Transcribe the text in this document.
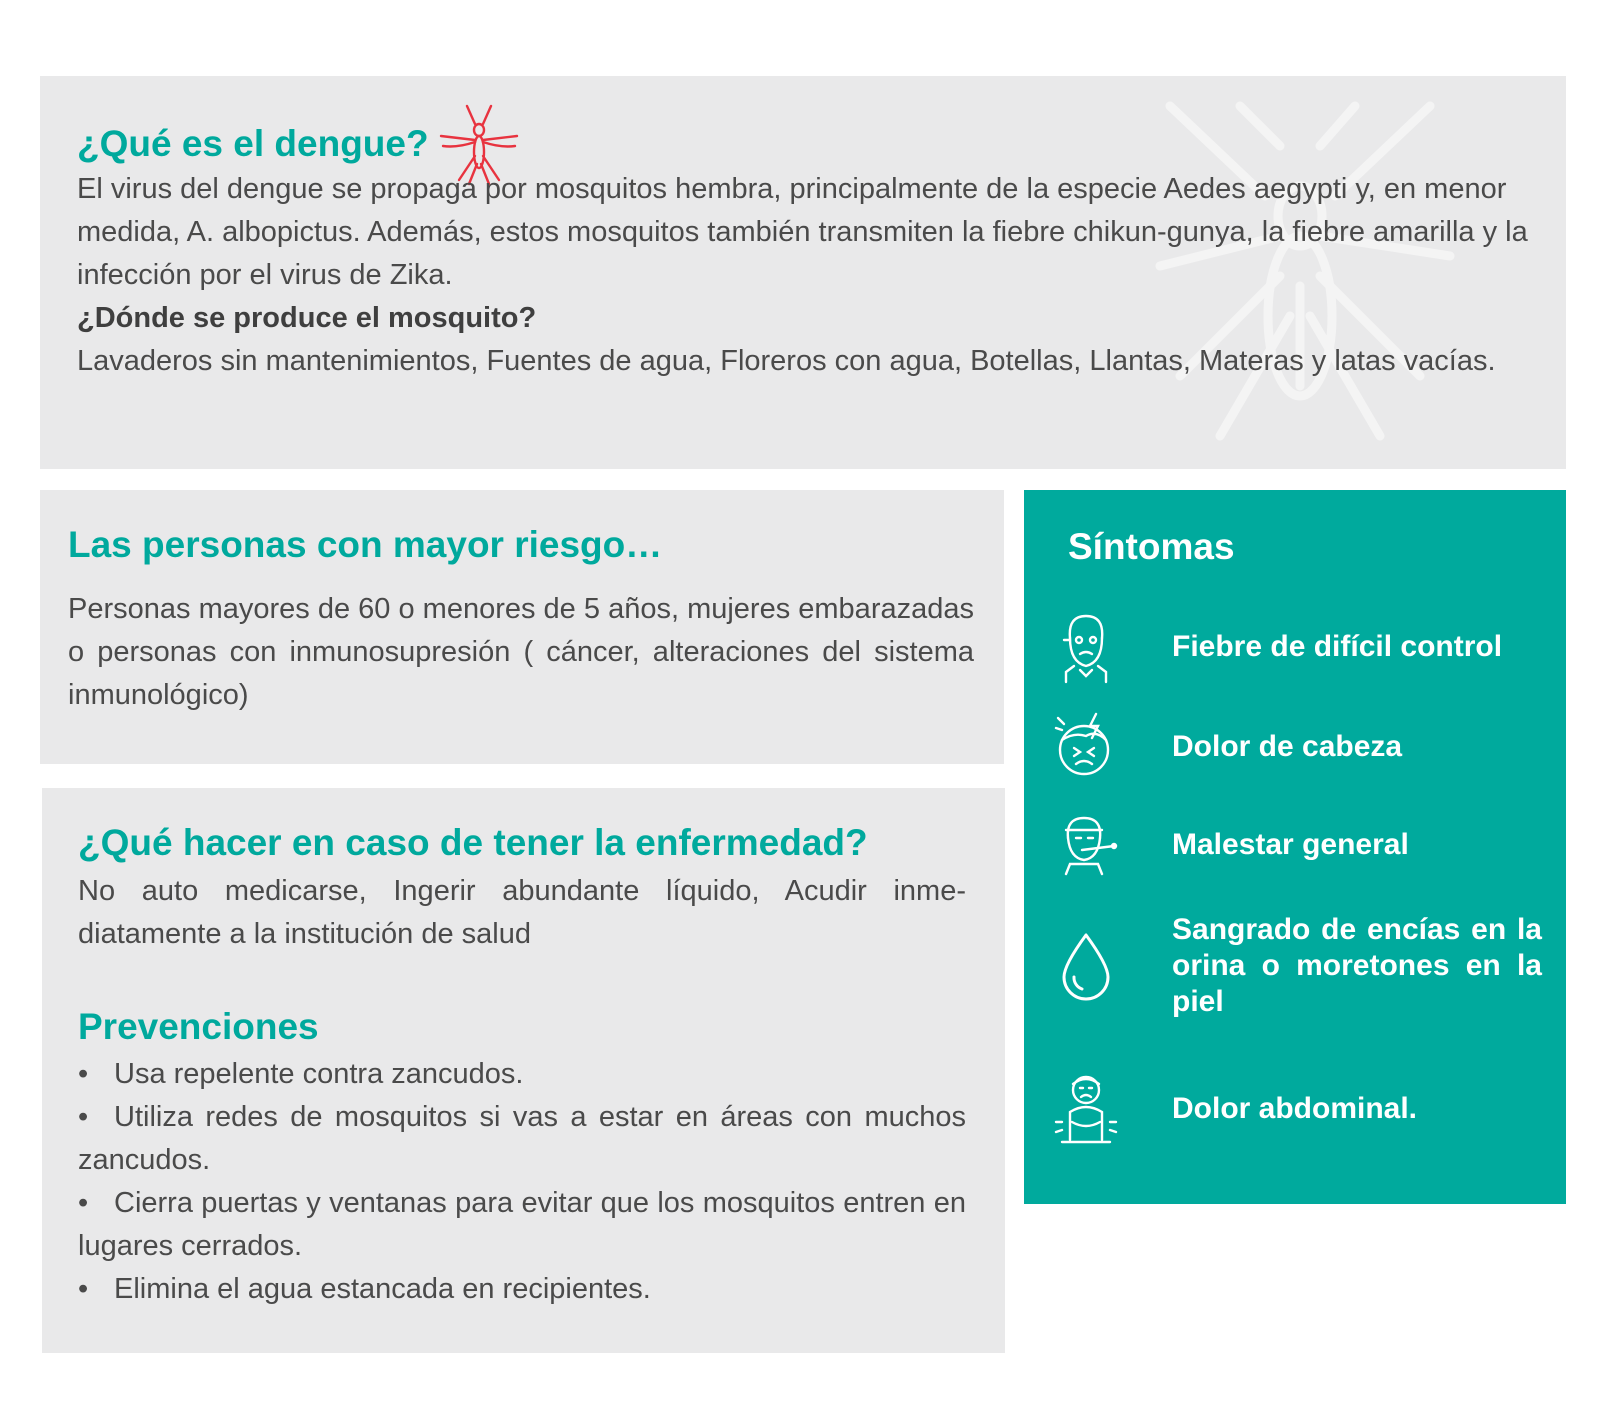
¿Qué es el dengue?

El virus del dengue se propaga por mosquitos hembra, principalmente de la especie Aedes aegypti y, en menor medida, A. albopictus. Además, estos mosquitos también transmiten la fiebre chikun-gunya, la fiebre amarilla y la infección por el virus de Zika.

¿Dónde se produce el mosquito?

Lavaderos sin mantenimientos, Fuentes de agua, Floreros con agua, Botellas, Llantas, Materas y latas vacías.

Las personas con mayor riesgo…

Personas mayores de 60 o menores de 5 años, mujeres embarazadas o personas con inmunosupresión ( cáncer, alteraciones del sistema inmunológico)

¿Qué hacer en caso de tener la enfermedad?

No auto medicarse, Ingerir abundante líquido, Acudir inme-diatamente a la institución de salud

Prevenciones
• Usa repelente contra zancudos.
• Utiliza redes de mosquitos si vas a estar en áreas con muchos zancudos.
• Cierra puertas y ventanas para evitar que los mosquitos entren en lugares cerrados.
• Elimina el agua estancada en recipientes.
Síntomas
Fiebre de difícil control
Dolor de cabeza
Malestar general
Sangrado de encías en la orina o moretones en la piel
Dolor abdominal.
